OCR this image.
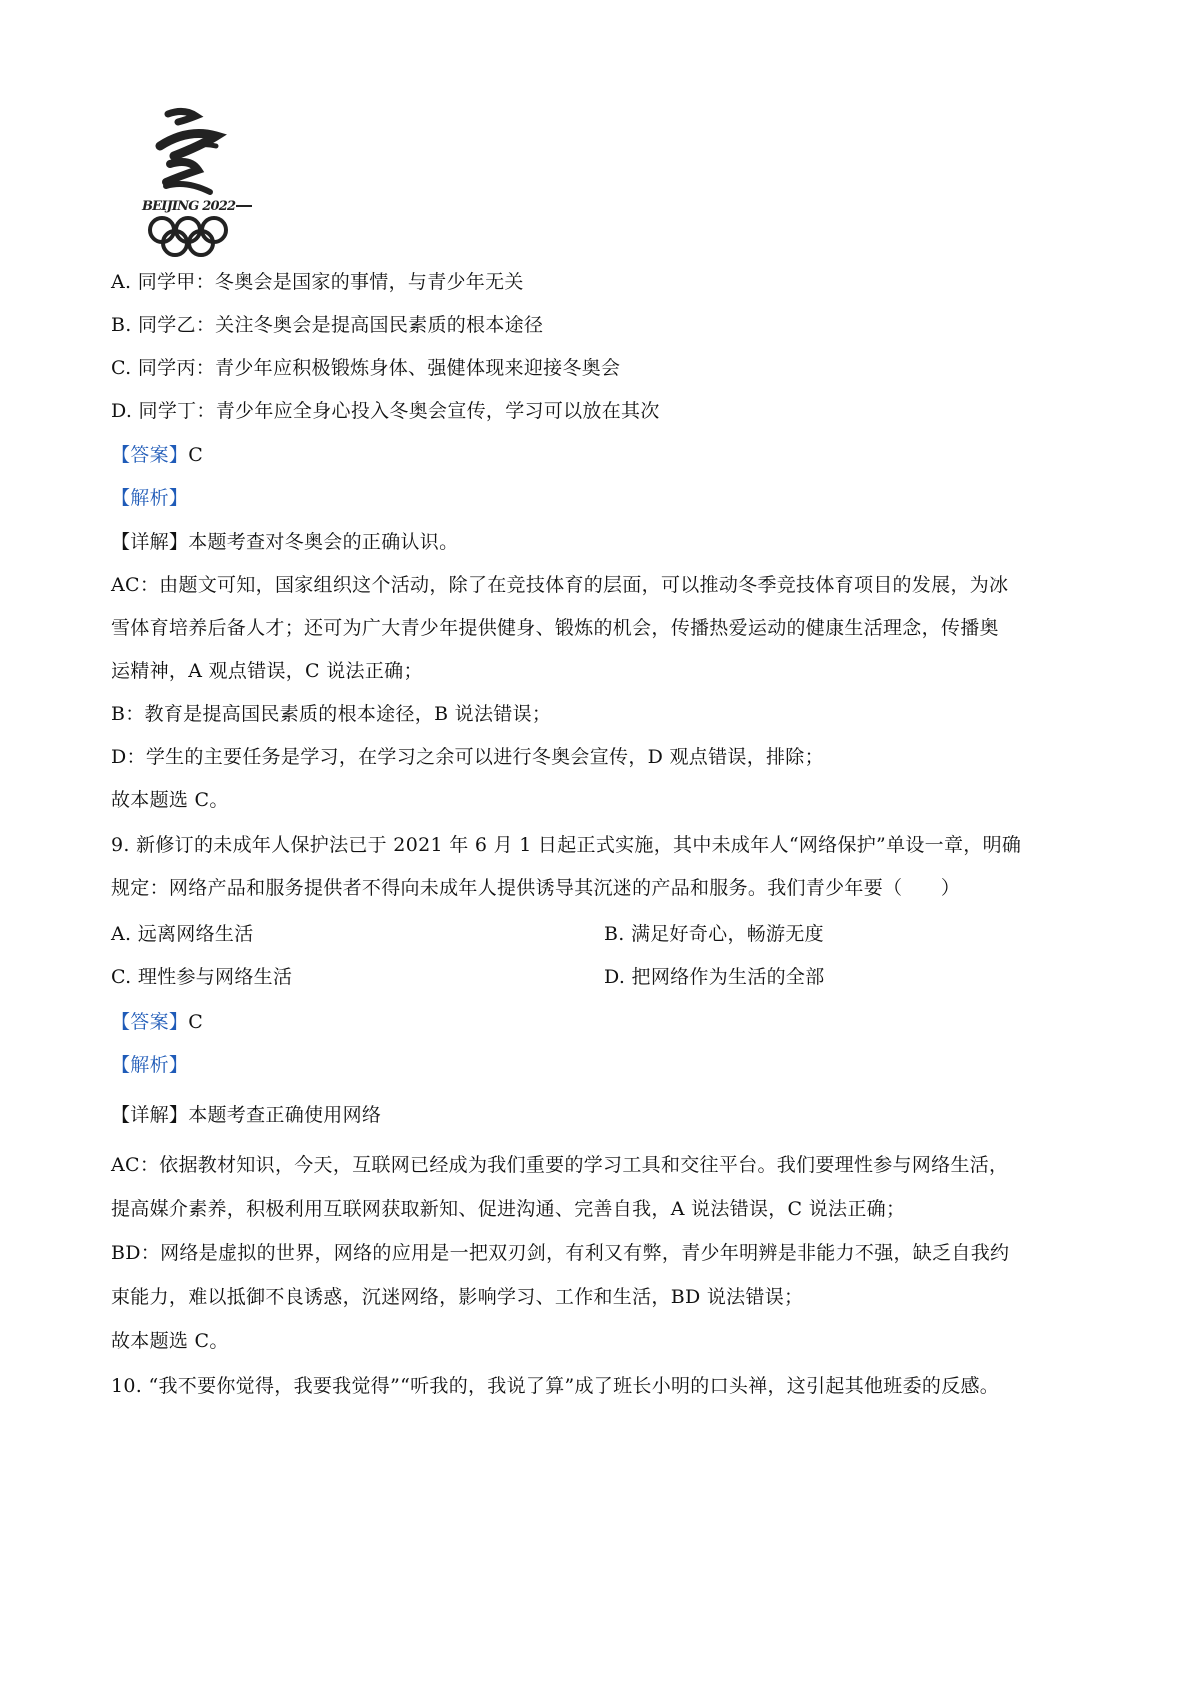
BEIJING 2022
A. 同学甲：冬奥会是国家的事情，与青少年无关
B. 同学乙：关注冬奥会是提高国民素质的根本途径
C. 同学丙：青少年应积极锻炼身体、强健体现来迎接冬奥会
D. 同学丁：青少年应全身心投入冬奥会宣传，学习可以放在其次
【答案】C
【解析】
【详解】本题考查对冬奥会的正确认识。
AC：由题文可知，国家组织这个活动，除了在竞技体育的层面，可以推动冬季竞技体育项目的发展，为冰
雪体育培养后备人才；还可为广大青少年提供健身、锻炼的机会，传播热爱运动的健康生活理念，传播奥
运精神，A 观点错误，C 说法正确；
B：教育是提高国民素质的根本途径，B 说法错误；
D：学生的主要任务是学习，在学习之余可以进行冬奥会宣传，D 观点错误，排除；
故本题选 C。
9. 新修订的未成年人保护法已于 2021 年 6 月 1 日起正式实施，其中未成年人“网络保护”单设一章，明确
规定：网络产品和服务提供者不得向未成年人提供诱导其沉迷的产品和服务。我们青少年要（　　）
A. 远离网络生活	B. 满足好奇心，畅游无度
C. 理性参与网络生活	D. 把网络作为生活的全部
【答案】C
【解析】
【详解】本题考查正确使用网络
AC：依据教材知识，今天，互联网已经成为我们重要的学习工具和交往平台。我们要理性参与网络生活，
提高媒介素养，积极利用互联网获取新知、促进沟通、完善自我，A 说法错误，C 说法正确；
BD：网络是虚拟的世界，网络的应用是一把双刃剑，有利又有弊，青少年明辨是非能力不强，缺乏自我约
束能力，难以抵御不良诱惑，沉迷网络，影响学习、工作和生活，BD 说法错误；
故本题选 C。
10. “我不要你觉得，我要我觉得”“听我的，我说了算”成了班长小明的口头禅，这引起其他班委的反感。
